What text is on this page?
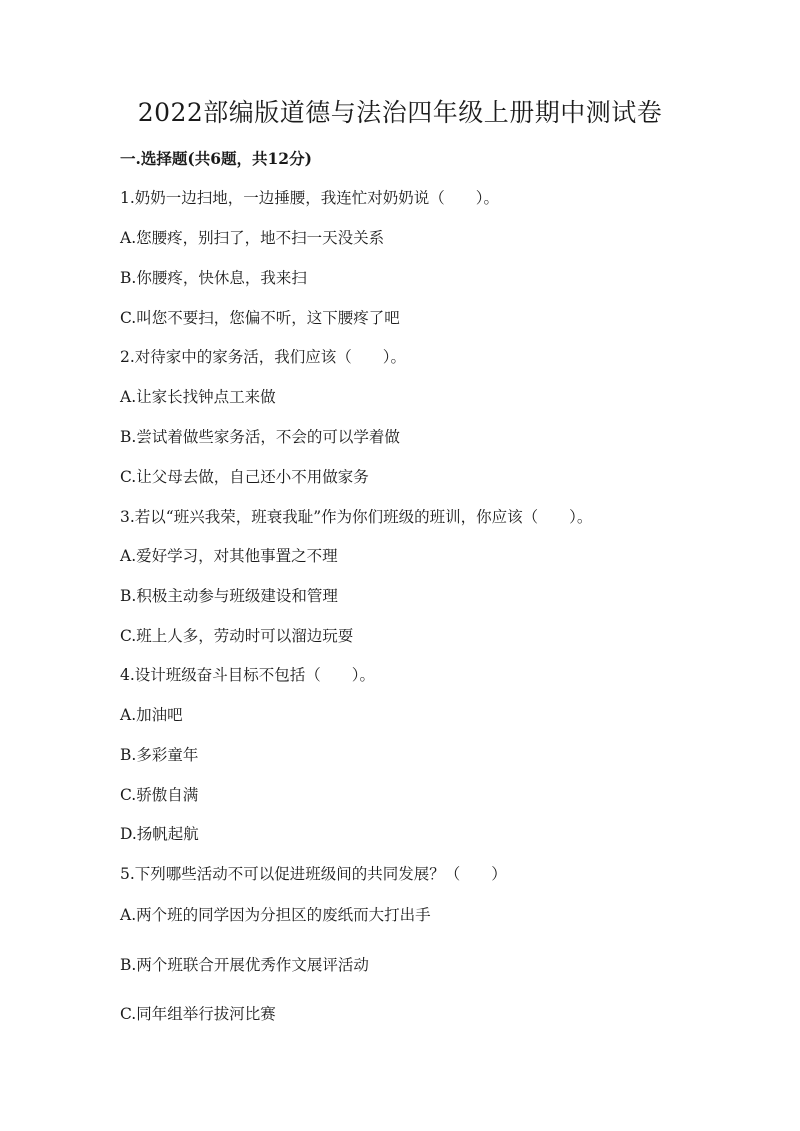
2022部编版道德与法治四年级上册期中测试卷
一.选择题(共6题，共12分)
1.奶奶一边扫地，一边捶腰，我连忙对奶奶说（　　）。
A.您腰疼，别扫了，地不扫一天没关系
B.你腰疼，快休息，我来扫
C.叫您不要扫，您偏不听，这下腰疼了吧
2.对待家中的家务活，我们应该（　　）。
A.让家长找钟点工来做
B.尝试着做些家务活，不会的可以学着做
C.让父母去做，自己还小不用做家务
3.若以“班兴我荣，班衰我耻”作为你们班级的班训，你应该（　　）。
A.爱好学习，对其他事置之不理
B.积极主动参与班级建设和管理
C.班上人多，劳动时可以溜边玩耍
4.设计班级奋斗目标不包括（　　）。
A.加油吧
B.多彩童年
C.骄傲自满
D.扬帆起航
5.下列哪些活动不可以促进班级间的共同发展？（　　）
A.两个班的同学因为分担区的废纸而大打出手
B.两个班联合开展优秀作文展评活动
C.同年组举行拔河比赛
